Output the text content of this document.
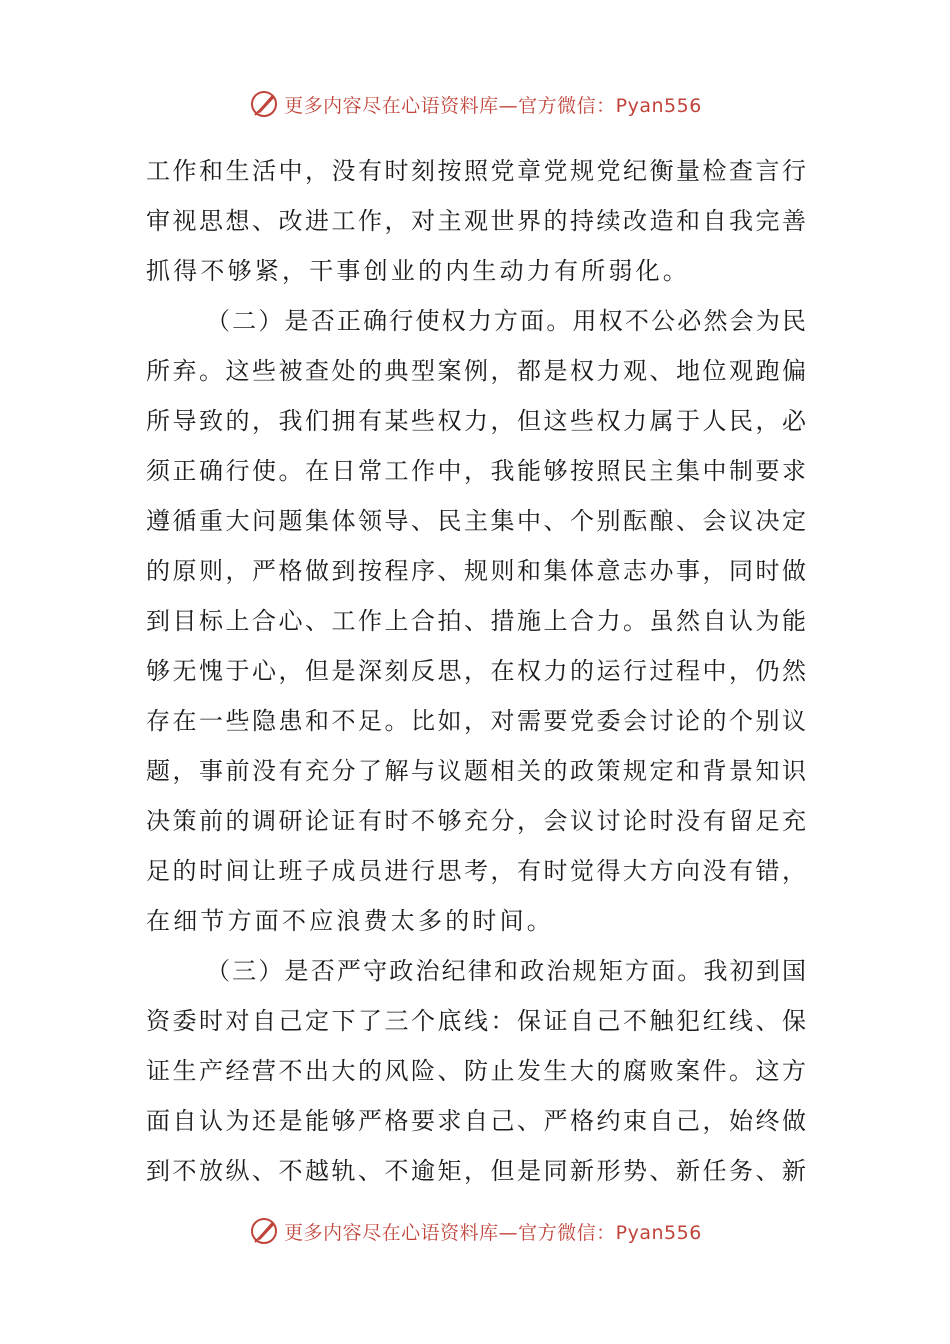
更多内容尽在心语资料库—官方微信：Pyan556
工作和生活中，没有时刻按照党章党规党纪衡量检查言行
审视思想、改进工作，对主观世界的持续改造和自我完善
抓得不够紧，干事创业的内生动力有所弱化。
（二）是否正确行使权力方面。用权不公必然会为民
所弃。这些被查处的典型案例，都是权力观、地位观跑偏
所导致的，我们拥有某些权力，但这些权力属于人民，必
须正确行使。在日常工作中，我能够按照民主集中制要求
遵循重大问题集体领导、民主集中、个别酝酿、会议决定
的原则，严格做到按程序、规则和集体意志办事，同时做
到目标上合心、工作上合拍、措施上合力。虽然自认为能
够无愧于心，但是深刻反思，在权力的运行过程中，仍然
存在一些隐患和不足。比如，对需要党委会讨论的个别议
题，事前没有充分了解与议题相关的政策规定和背景知识
决策前的调研论证有时不够充分，会议讨论时没有留足充
足的时间让班子成员进行思考，有时觉得大方向没有错，
在细节方面不应浪费太多的时间。
（三）是否严守政治纪律和政治规矩方面。我初到国
资委时对自己定下了三个底线：保证自己不触犯红线、保
证生产经营不出大的风险、防止发生大的腐败案件。这方
面自认为还是能够严格要求自己、严格约束自己，始终做
到不放纵、不越轨、不逾矩，但是同新形势、新任务、新
更多内容尽在心语资料库—官方微信：Pyan556
